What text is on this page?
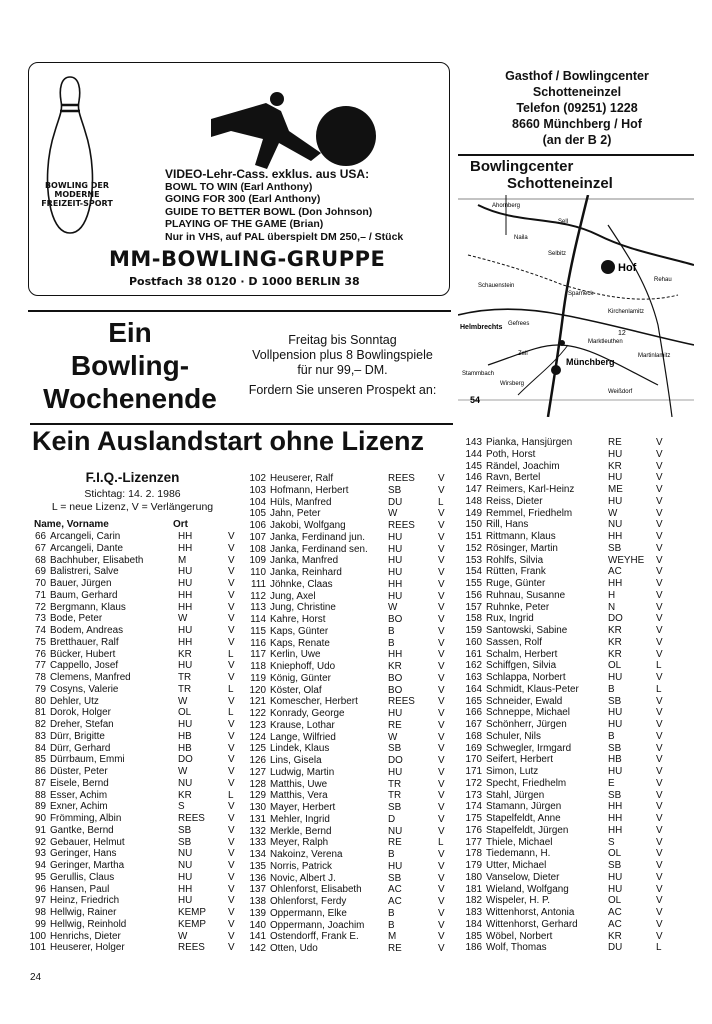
BOWLING DER MODERNE FREIZEIT-SPORT
VIDEO-Lehr-Cass. exklus. aus USA:
BOWL TO WIN (Earl Anthony)
GOING FOR 300 (Earl Anthony)
GUIDE TO BETTER BOWL (Don Johnson)
PLAYING OF THE GAME (Brian)
Nur in VHS, auf PAL überspielt DM 250,– / Stück
MM-BOWLING-GRUPPE
Postfach 38 0120 · D 1000 BERLIN 38
Ein
Bowling-
Wochenende
Freitag bis Sonntag
Vollpension plus 8 Bowlingspiele
für nur 99,– DM.
Fordern Sie unseren Prospekt an:
Gasthof / Bowlingcenter
Schotteneinzel
Telefon (09251) 1228
8660 Münchberg / Hof
(an der B 2)
Bowlingcenter
Schotteneinzel
Ahornberg
Sell
Selbitz
Hof
Schauenstein
Naila
Münchberg
Sparneck
Wirsberg
Zell
Helmbrechts
Marktleuthen
Kirchenlamitz
Rehau
Martinlamitz
Weißdorf
Stammbach
Gefrees
54
12
Kein Auslandstart ohne Lizenz
F.I.Q.-Lizenzen
Stichtag: 14. 2. 1986
L = neue Lizenz, V = Verlängerung
Name, Vorname	Ort
66 Arcangeli, Carin	HH	V
67 Arcangeli, Dante	HH	V
68 Bachhuber, Elisabeth	M	V
69 Balistreri, Salve	HU	V
70 Bauer, Jürgen	HU	V
71 Baum, Gerhard	HH	V
72 Bergmann, Klaus	HH	V
73 Bode, Peter	W	V
74 Bodem, Andreas	HU	V
75 Bretthauer, Ralf	HH	V
76 Bücker, Hubert	KR	L
77 Cappello, Josef	HU	V
78 Clemens, Manfred	TR	V
79 Cosyns, Valerie	TR	L
80 Dehler, Utz	W	V
81 Dorok, Holger	OL	L
82 Dreher, Stefan	HU	V
83 Dürr, Brigitte	HB	V
84 Dürr, Gerhard	HB	V
85 Dürrbaum, Emmi	DO	V
86 Düster, Peter	W	V
87 Eisele, Bernd	NU	V
88 Esser, Achim	KR	L
89 Exner, Achim	S	V
90 Frömming, Albin	REES	V
91 Gantke, Bernd	SB	V
92 Gebauer, Helmut	SB	V
93 Geringer, Hans	NU	V
94 Geringer, Martha	NU	V
95 Gerullis, Claus	HU	V
96 Hansen, Paul	HH	V
97 Heinz, Friedrich	HU	V
98 Hellwig, Rainer	KEMP	V
99 Hellwig, Reinhold	KEMP	V
100 Henrichs, Dieter	W	V
101 Heuserer, Holger	REES	V
102 Heuserer, Ralf	REES	V
103 Hofmann, Herbert	SB	V
104 Hüls, Manfred	DU	L
105 Jahn, Peter	W	V
106 Jakobi, Wolfgang	REES	V
107 Janka, Ferdinand jun.	HU	V
108 Janka, Ferdinand sen.	HU	V
109 Janka, Manfred	HU	V
110 Janka, Reinhard	HU	V
111 Jöhnke, Claas	HH	V
112 Jung, Axel	HU	V
113 Jung, Christine	W	V
114 Kahre, Horst	BO	V
115 Kaps, Günter	B	V
116 Kaps, Renate	B	V
117 Kerlin, Uwe	HH	V
118 Kniephoff, Udo	KR	V
119 König, Günter	BO	V
120 Köster, Olaf	BO	V
121 Komescher, Herbert	REES	V
122 Konrady, George	HU	V
123 Krause, Lothar	RE	V
124 Lange, Wilfried	W	V
125 Lindek, Klaus	SB	V
126 Lins, Gisela	DO	V
127 Ludwig, Martin	HU	V
128 Matthis, Uwe	TR	V
129 Matthis, Vera	TR	V
130 Mayer, Herbert	SB	V
131 Mehler, Ingrid	D	V
132 Merkle, Bernd	NU	V
133 Meyer, Ralph	RE	L
134 Nakoinz, Verena	B	V
135 Norris, Patrick	HU	V
136 Novic, Albert J.	SB	V
137 Ohlenforst, Elisabeth	AC	V
138 Ohlenforst, Ferdy	AC	V
139 Oppermann, Elke	B	V
140 Oppermann, Joachim	B	V
141 Ostendorff, Frank E.	M	V
142 Otten, Udo	RE	V
143 Pianka, Hansjürgen	RE	V
144 Poth, Horst	HU	V
145 Rändel, Joachim	KR	V
146 Ravn, Bertel	HU	V
147 Reimers, Karl-Heinz	ME	V
148 Reiss, Dieter	HU	V
149 Remmel, Friedhelm	W	V
150 Rill, Hans	NU	V
151 Rittmann, Klaus	HH	V
152 Rösinger, Martin	SB	V
153 Rohlfs, Silvia	WEYHE	V
154 Rütten, Frank	AC	V
155 Ruge, Günter	HH	V
156 Ruhnau, Susanne	H	V
157 Ruhnke, Peter	N	V
158 Rux, Ingrid	DO	V
159 Santowski, Sabine	KR	V
160 Sassen, Rolf	KR	V
161 Schalm, Herbert	KR	V
162 Schiffgen, Silvia	OL	L
163 Schlappa, Norbert	HU	V
164 Schmidt, Klaus-Peter	B	L
165 Schneider, Ewald	SB	V
166 Schneppe, Michael	HU	V
167 Schönherr, Jürgen	HU	V
168 Schuler, Nils	B	V
169 Schwegler, Irmgard	SB	V
170 Seifert, Herbert	HB	V
171 Simon, Lutz	HU	V
172 Specht, Friedhelm	E	V
173 Stahl, Jürgen	SB	V
174 Stamann, Jürgen	HH	V
175 Stapelfeldt, Anne	HH	V
176 Stapelfeldt, Jürgen	HH	V
177 Thiele, Michael	S	V
178 Tiedemann, H.	OL	V
179 Utter, Michael	SB	V
180 Vanselow, Dieter	HU	V
181 Wieland, Wolfgang	HU	V
182 Wispeler, H. P.	OL	V
183 Wittenhorst, Antonia	AC	V
184 Wittenhorst, Gerhard	AC	V
185 Wöbel, Norbert	KR	V
186 Wolf, Thomas	DU	L
24
